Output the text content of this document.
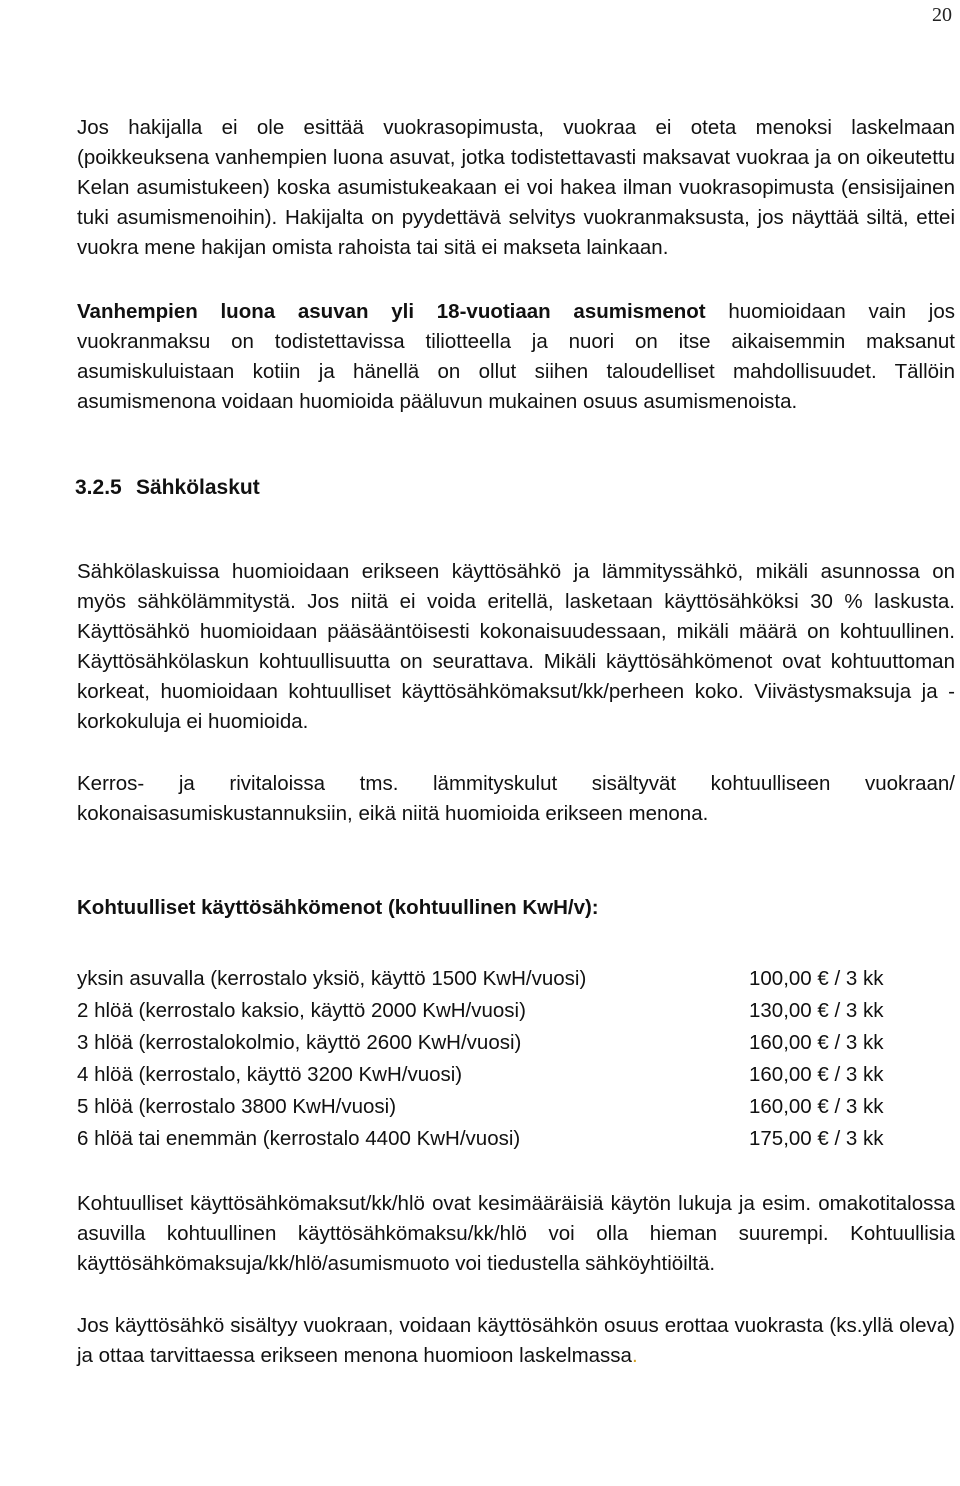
20

Jos hakijalla ei ole esittää vuokrasopimusta, vuokraa ei oteta menoksi laskelmaan (poikkeuksena vanhempien luona asuvat, jotka todistettavasti maksavat vuokraa ja on oikeutettu Kelan asumistukeen) koska asumistukeakaan ei voi hakea ilman vuokrasopimusta (ensisijainen tuki asumismenoihin). Hakijalta on pyydettävä selvitys vuokranmaksusta, jos näyttää siltä, ettei vuokra mene hakijan omista rahoista tai sitä ei makseta lainkaan.

Vanhempien luona asuvan yli 18-vuotiaan asumismenot huomioidaan vain jos vuokranmaksu on todistettavissa tiliotteella ja nuori on itse aikaisemmin maksanut asumiskuluistaan kotiin ja hänellä on ollut siihen taloudelliset mahdollisuudet. Tällöin asumismenona voidaan huomioida pääluvun mukainen osuus asumismenoista.

3.2.5 Sähkölaskut

Sähkölaskuissa huomioidaan erikseen käyttösähkö ja lämmityssähkö, mikäli asunnossa on myös sähkölämmitystä. Jos niitä ei voida eritellä, lasketaan käyttösähköksi 30 % laskusta. Käyttösähkö huomioidaan pääsääntöisesti kokonaisuudessaan, mikäli määrä on kohtuullinen. Käyttösähkölaskun kohtuullisuutta on seurattava. Mikäli käyttösähkömenot ovat kohtuuttoman korkeat, huomioidaan kohtuulliset käyttösähkömaksut/kk/perheen koko. Viivästysmaksuja ja -korkokuluja ei huomioida.

Kerros- ja rivitaloissa tms. lämmityskulut sisältyvät kohtuulliseen vuokraan/ kokonaisasumiskustannuksiin, eikä niitä huomioida erikseen menona.

Kohtuulliset käyttösähkömenot (kohtuullinen KwH/v):

yksin asuvalla (kerrostalo yksiö, käyttö 1500 KwH/vuosi)	100,00 € / 3 kk
2 hlöä (kerrostalo kaksio, käyttö 2000 KwH/vuosi)	130,00 € / 3 kk
3 hlöä (kerrostalokolmio, käyttö 2600 KwH/vuosi)	160,00 € / 3 kk
4 hlöä (kerrostalo, käyttö 3200 KwH/vuosi)	160,00 € / 3 kk
5 hlöä (kerrostalo 3800 KwH/vuosi)	160,00 € / 3 kk
6 hlöä tai enemmän (kerrostalo 4400 KwH/vuosi)	175,00 € / 3 kk

Kohtuulliset käyttösähkömaksut/kk/hlö ovat kesimääräisiä käytön lukuja ja esim. omakotitalossa asuvilla kohtuullinen käyttösähkömaksu/kk/hlö voi olla hieman suurempi. Kohtuullisia käyttösähkömaksuja/kk/hlö/asumismuoto voi tiedustella sähköyhtiöiltä.

Jos käyttösähkö sisältyy vuokraan, voidaan käyttösähkön osuus erottaa vuokrasta (ks.yllä oleva) ja ottaa tarvittaessa erikseen menona huomioon laskelmassa.
